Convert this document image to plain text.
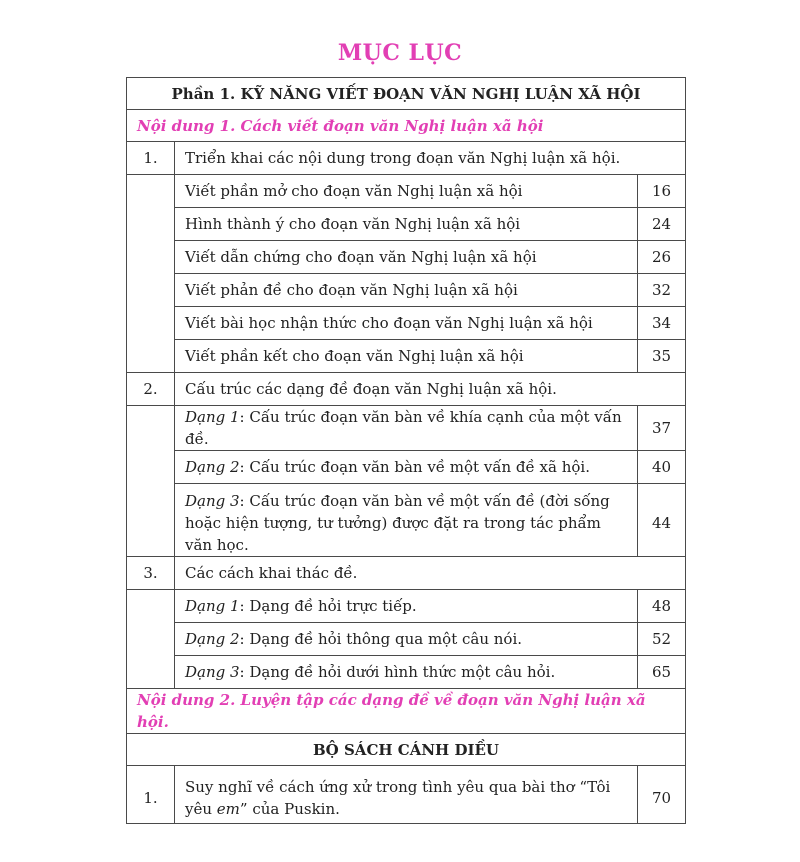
MỤC LỤC
Phần 1. KỸ NĂNG VIẾT ĐOẠN VĂN NGHỊ LUẬN XÃ HỘI		
Nội dung 1. Cách viết đoạn văn Nghị luận xã hội		
1.	Triển khai các nội dung trong đoạn văn Nghị luận xã hội.	
	Viết phần mở cho đoạn văn Nghị luận xã hội	16
	Hình thành ý cho đoạn văn Nghị luận xã hội	24
	Viết dẫn chứng cho đoạn văn Nghị luận xã hội	26
	Viết phản đề cho đoạn văn Nghị luận xã hội	32
	Viết bài học nhận thức cho đoạn văn Nghị luận xã hội	34
	Viết phần kết cho đoạn văn Nghị luận xã hội	35
2.	Cấu trúc các dạng đề đoạn văn Nghị luận xã hội.	
	Dạng 1: Cấu trúc đoạn văn bàn về khía cạnh của một vấn đề.	37
	Dạng 2: Cấu trúc đoạn văn bàn về một vấn đề xã hội.	40
	Dạng 3: Cấu trúc đoạn văn bàn về một vấn đề (đời sống hoặc hiện tượng, tư tưởng) được đặt ra trong tác phẩm văn học.	44
3.	Các cách khai thác đề.	
	Dạng 1: Dạng đề hỏi trực tiếp.	48
	Dạng 2: Dạng đề hỏi thông qua một câu nói.	52
	Dạng 3: Dạng đề hỏi dưới hình thức một câu hỏi.	65
Nội dung 2. Luyện tập các dạng đề về đoạn văn Nghị luận xã hội.		
BỘ SÁCH CÁNH DIỀU		
1.	Suy nghĩ về cách ứng xử trong tình yêu qua bài thơ “Tôi yêu em” của Puskin.	70
